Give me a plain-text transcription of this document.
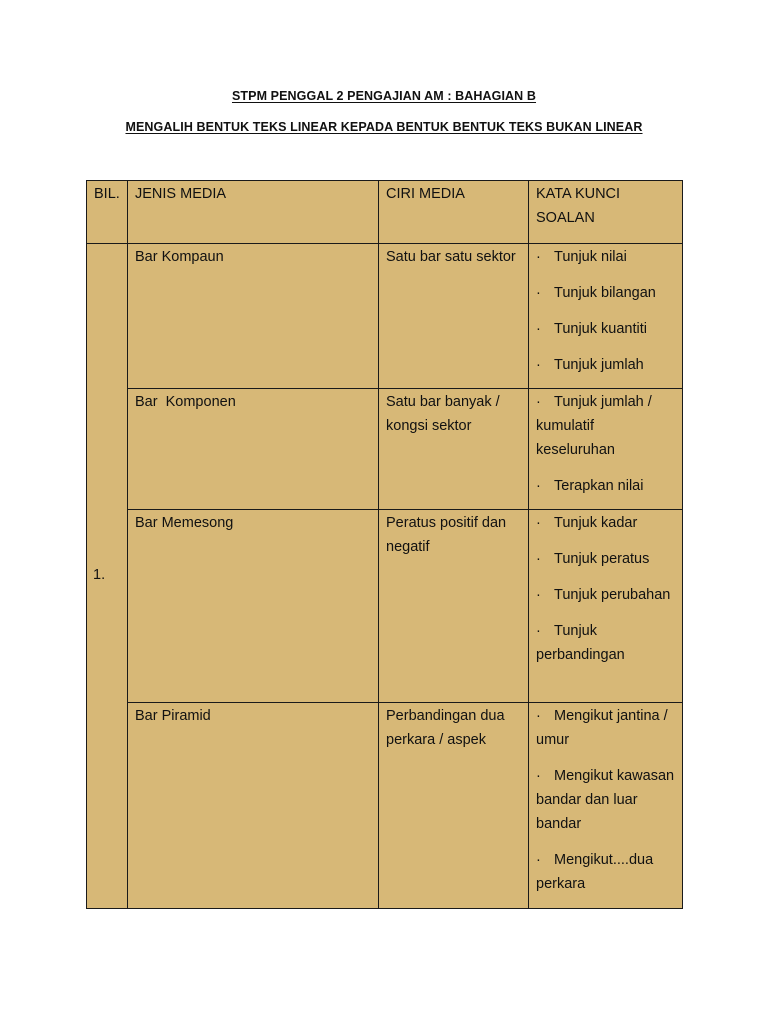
STPM PENGGAL 2 PENGAJIAN AM : BAHAGIAN B
MENGALIH BENTUK TEKS LINEAR KEPADA BENTUK BENTUK TEKS BUKAN LINEAR
BIL.	JENIS MEDIA	CIRI MEDIA	KATA KUNCI SOALAN
1.	Bar Kompaun	Satu bar satu sektor	· Tunjuk nilai
· Tunjuk bilangan
· Tunjuk kuantiti
· Tunjuk jumlah

	Bar  Komponen	Satu bar banyak / kongsi sektor	· Tunjuk jumlah / kumulatif keseluruhan
· Terapkan nilai

	Bar Memesong	Peratus positif dan negatif	· Tunjuk kadar
· Tunjuk peratus
· Tunjuk perubahan
· Tunjuk perbandingan

	Bar Piramid	Perbandingan dua perkara / aspek	· Mengikut jantina / umur
· Mengikut kawasan bandar dan luar bandar
· Mengikut....dua perkara
